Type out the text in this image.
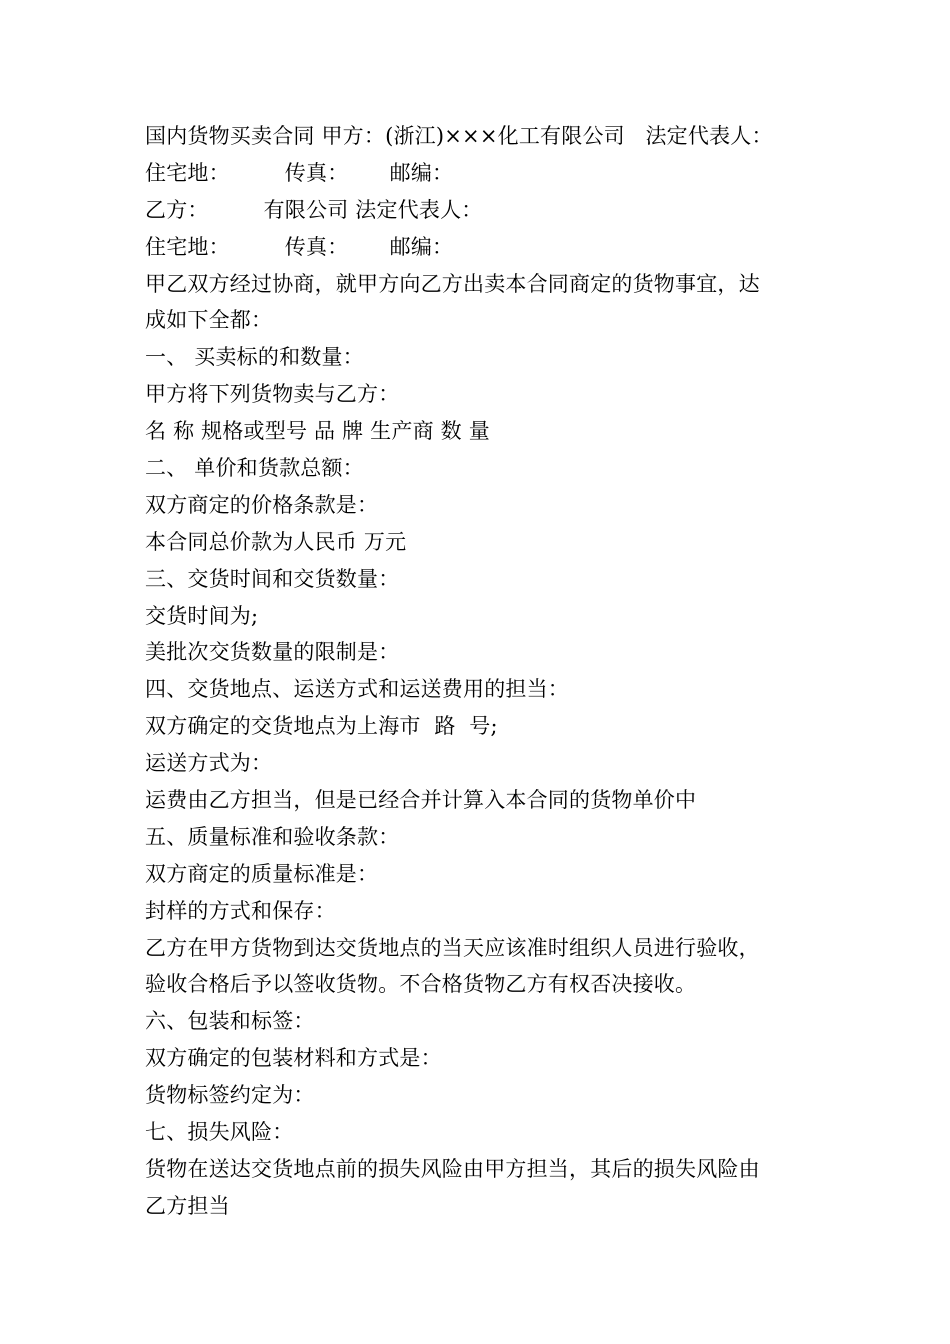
国内货物买卖合同 甲方：(浙江)×××化工有限公司   法定代表人：
住宅地：        传真：      邮编：
乙方：        有限公司 法定代表人：
住宅地：        传真：      邮编：
甲乙双方经过协商，就甲方向乙方出卖本合同商定的货物事宜，达
成如下全都：
一、 买卖标的和数量：
甲方将下列货物卖与乙方：
名 称 规格或型号 品 牌 生产商 数 量
二、 单价和货款总额：
双方商定的价格条款是：
本合同总价款为人民币 万元
三、交货时间和交货数量：
交货时间为;
美批次交货数量的限制是：
四、交货地点、运送方式和运送费用的担当：
双方确定的交货地点为上海市  路  号;
运送方式为：
运费由乙方担当，但是已经合并计算入本合同的货物单价中
五、质量标准和验收条款：
双方商定的质量标准是：
封样的方式和保存：
乙方在甲方货物到达交货地点的当天应该准时组织人员进行验收，
验收合格后予以签收货物。不合格货物乙方有权否决接收。
六、包装和标签：
双方确定的包装材料和方式是：
货物标签约定为：
七、损失风险：
货物在送达交货地点前的损失风险由甲方担当，其后的损失风险由
乙方担当
